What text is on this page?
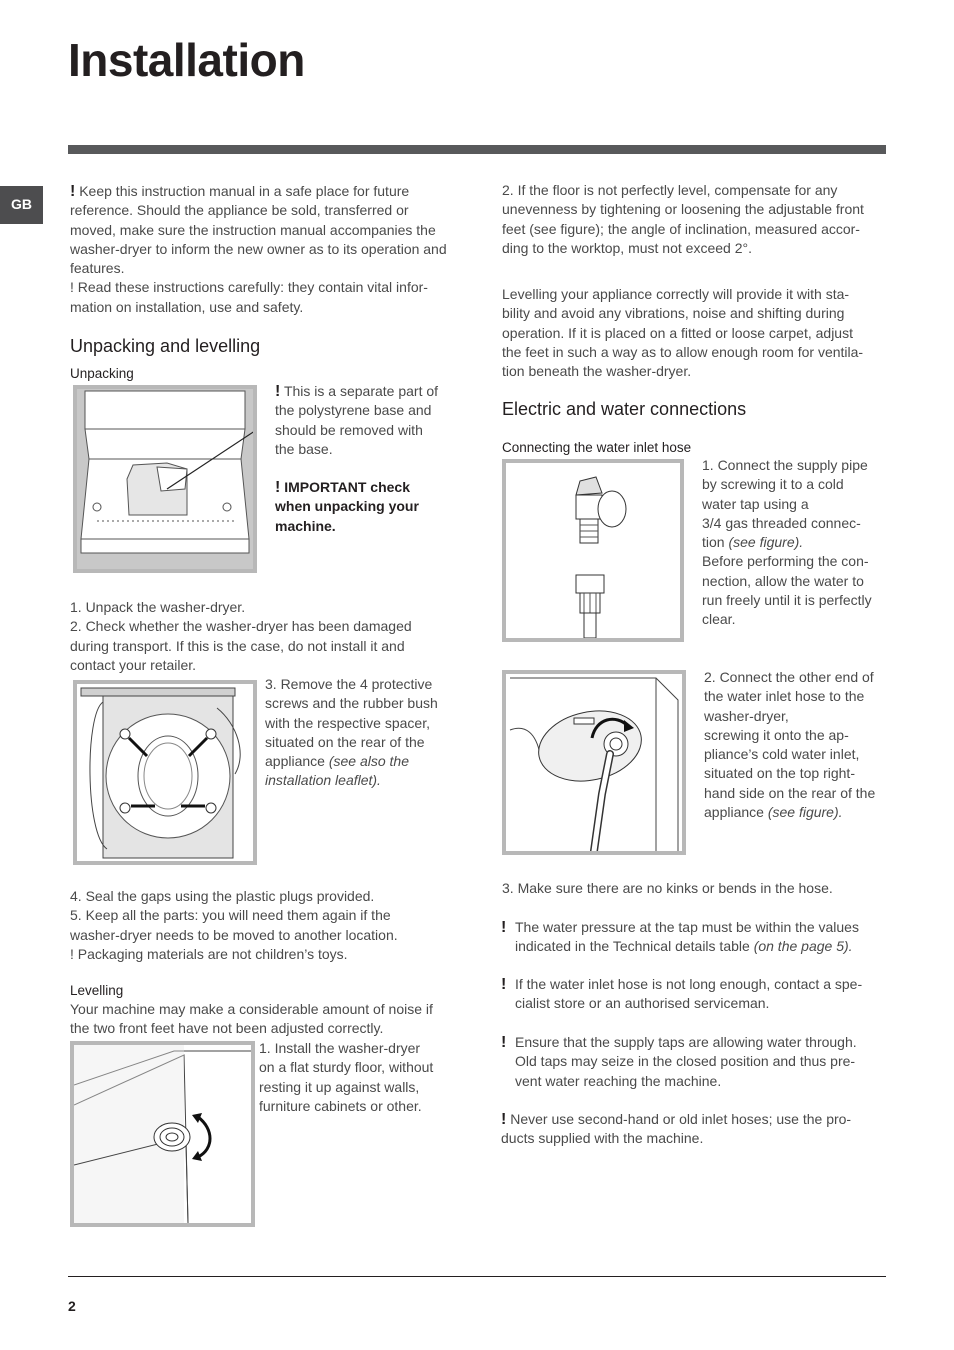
Installation
GB
! Keep this instruction manual in a safe place for future
reference. Should the appliance be sold, transferred or
moved, make sure the instruction manual accompanies the
washer-dryer to inform the new owner as to its operation and
features.
! Read these instructions carefully: they contain vital infor-
mation on installation, use and safety.
Unpacking and levelling
Unpacking
! This is a separate part of
the polystyrene base and
should be removed with
the base.
! IMPORTANT check
when unpacking your
machine.
1. Unpack the washer-dryer.
2. Check whether the washer-dryer has been damaged
during transport. If this is the case, do not install it and
contact your retailer.
3. Remove the 4 protective
screws and the rubber bush
with the respective spacer,
situated on the rear of the
appliance (see also the
installation leaflet).
4. Seal the gaps using the plastic plugs provided.
5. Keep all the parts: you will need them again if the
washer-dryer needs to be moved to another location.
! Packaging materials are not children’s toys.
Levelling
Your machine may make a considerable amount of noise if
the two front feet have not been adjusted correctly.
1. Install the washer-dryer
on a flat sturdy floor, without
resting it up against walls,
furniture cabinets or other.
2. If the floor is not perfectly level, compensate for any
unevenness by tightening or loosening the adjustable front
feet (see figure); the angle of inclination, measured accor-
ding to the worktop, must not exceed 2°.
Levelling your appliance correctly will provide it with sta-
bility and avoid any vibrations, noise and shifting during
operation. If it is placed on a fitted or loose carpet, adjust
the feet in such a way as to allow enough room for ventila-
tion beneath the washer-dryer.
Electric and water connections
Connecting the water inlet hose
1. Connect the supply pipe
by screwing it to a cold
water tap using a
3/4 gas threaded connec-
tion (see figure).
Before performing the con-
nection, allow the water to
run freely until it is perfectly
clear.
2. Connect the other end of
the water inlet hose to the
washer-dryer,
screwing it onto the ap-
pliance’s cold water inlet,
situated on the top right-
hand side on the rear of the
appliance (see figure).
3. Make sure there are no kinks or bends in the hose.
! The water pressure at the tap must be within the values
indicated in the Technical details table (on the page 5).
! If the water inlet hose is not long enough, contact a spe-
cialist store or an authorised serviceman.
! Ensure that the supply taps are allowing water through.
Old taps may seize in the closed position and thus pre-
vent water reaching the machine.
! Never use second-hand or old inlet hoses; use the pro-
ducts supplied with the machine.
2
